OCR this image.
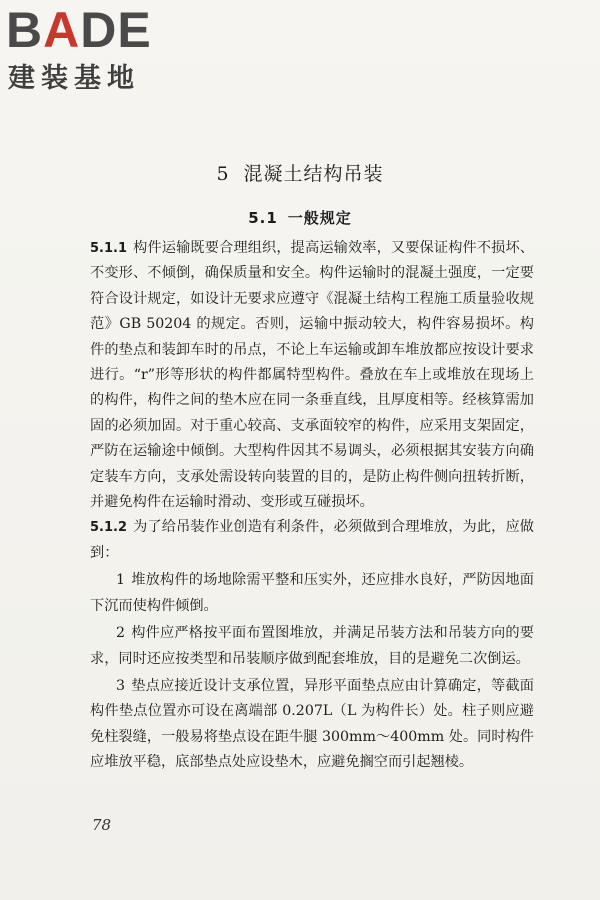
BADE
建装基地
5 混凝土结构吊装
5.1 一般规定

5.1.1 构件运输既要合理组织，提高运输效率，又要保证构件不损坏、不变形、不倾倒，确保质量和安全。构件运输时的混凝土强度，一定要符合设计规定，如设计无要求应遵守《混凝土结构工程施工质量验收规范》GB 50204 的规定。否则，运输中振动较大，构件容易损坏。构件的垫点和装卸车时的吊点，不论上车运输或卸车堆放都应按设计要求进行。“r”形等形状的构件都属特型构件。叠放在车上或堆放在现场上的构件，构件之间的垫木应在同一条垂直线，且厚度相等。经核算需加固的必须加固。对于重心较高、支承面较窄的构件，应采用支架固定，严防在运输途中倾倒。大型构件因其不易调头，必须根据其安装方向确定装车方向，支承处需设转向装置的目的，是防止构件侧向扭转折断，并避免构件在运输时滑动、变形或互碰损坏。

5.1.2 为了给吊装作业创造有利条件，必须做到合理堆放，为此，应做到：

1 堆放构件的场地除需平整和压实外，还应排水良好，严防因地面下沉而使构件倾倒。

2 构件应严格按平面布置图堆放，并满足吊装方法和吊装方向的要求，同时还应按类型和吊装顺序做到配套堆放，目的是避免二次倒运。

3 垫点应接近设计支承位置，异形平面垫点应由计算确定，等截面构件垫点位置亦可设在离端部 0.207L（L 为构件长）处。柱子则应避免柱裂缝，一般易将垫点设在距牛腿 300mm～400mm 处。同时构件应堆放平稳，底部垫点处应设垫木，应避免搁空而引起翘棱。

78
